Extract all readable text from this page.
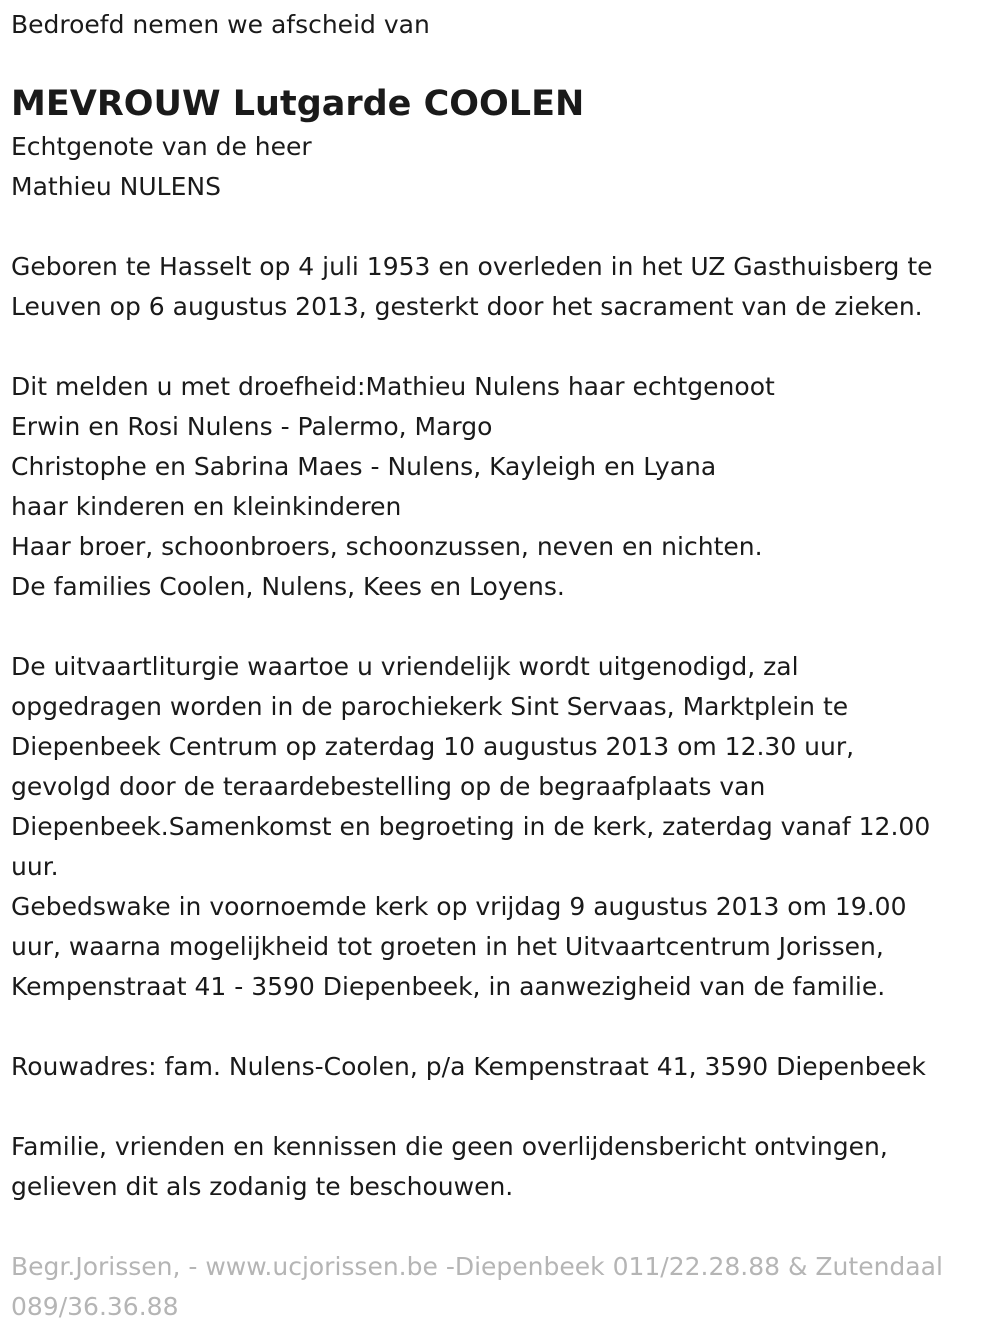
Bedroefd nemen we afscheid van
MEVROUW Lutgarde COOLEN
Echtgenote van de heer
Mathieu NULENS
Geboren te Hasselt op 4 juli 1953 en overleden in het UZ Gasthuisberg te
Leuven op 6 augustus 2013, gesterkt door het sacrament van de zieken.
Dit melden u met droefheid:Mathieu Nulens haar echtgenoot
Erwin en Rosi Nulens - Palermo, Margo
Christophe en Sabrina Maes - Nulens, Kayleigh en Lyana
haar kinderen en kleinkinderen
Haar broer, schoonbroers, schoonzussen, neven en nichten.
De families Coolen, Nulens, Kees en Loyens.
De uitvaartliturgie waartoe u vriendelijk wordt uitgenodigd, zal
opgedragen worden in de parochiekerk Sint Servaas, Marktplein te
Diepenbeek Centrum op zaterdag 10 augustus 2013 om 12.30 uur,
gevolgd door de teraardebestelling op de begraafplaats van
Diepenbeek.Samenkomst en begroeting in de kerk, zaterdag vanaf 12.00
uur.
Gebedswake in voornoemde kerk op vrijdag 9 augustus 2013 om 19.00
uur, waarna mogelijkheid tot groeten in het Uitvaartcentrum Jorissen,
Kempenstraat 41 - 3590 Diepenbeek, in aanwezigheid van de familie.
Rouwadres: fam. Nulens-Coolen, p/a Kempenstraat 41, 3590 Diepenbeek
Familie, vrienden en kennissen die geen overlijdensbericht ontvingen,
gelieven dit als zodanig te beschouwen.
Begr.Jorissen, - www.ucjorissen.be -Diepenbeek 011/22.28.88 & Zutendaal
089/36.36.88
